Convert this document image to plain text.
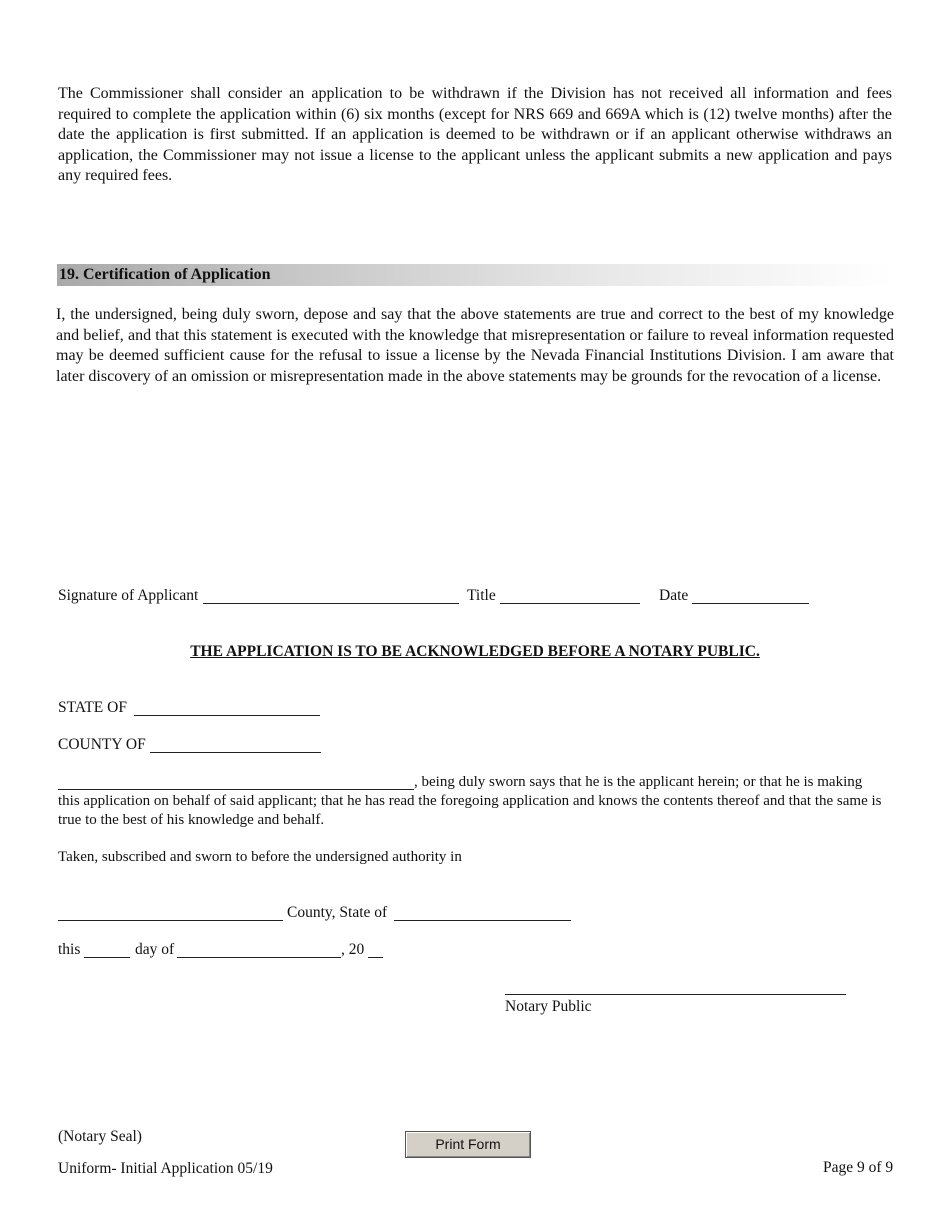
The Commissioner shall consider an application to be withdrawn if the Division has not received all information and fees required to complete the application within (6) six months (except for NRS 669 and 669A which is (12) twelve months) after the date the application is first submitted. If an application is deemed to be withdrawn or if an applicant otherwise withdraws an application, the Commissioner may not issue a license to the applicant unless the applicant submits a new application and pays any required fees.
19. Certification of Application
I, the undersigned, being duly sworn, depose and say that the above statements are true and correct to the best of my knowledge and belief, and that this statement is executed with the knowledge that misrepresentation or failure to reveal information requested may be deemed sufficient cause for the refusal to issue a license by the Nevada Financial Institutions Division. I am aware that later discovery of an omission or misrepresentation made in the above statements may be grounds for the revocation of a license.
Signature of Applicant	Title	Date
THE APPLICATION IS TO BE ACKNOWLEDGED BEFORE A NOTARY PUBLIC.
STATE OF
COUNTY OF
, being duly sworn says that he is the applicant herein; or that he is making
this application on behalf of said applicant; that he has read the foregoing application and knows the contents thereof and that the same is true to the best of his knowledge and behalf.
Taken, subscribed and sworn to before the undersigned authority in
County, State of
this	day of	, 20
Notary Public
(Notary Seal)	Print Form
Uniform- Initial Application 05/19	Page 9 of 9
